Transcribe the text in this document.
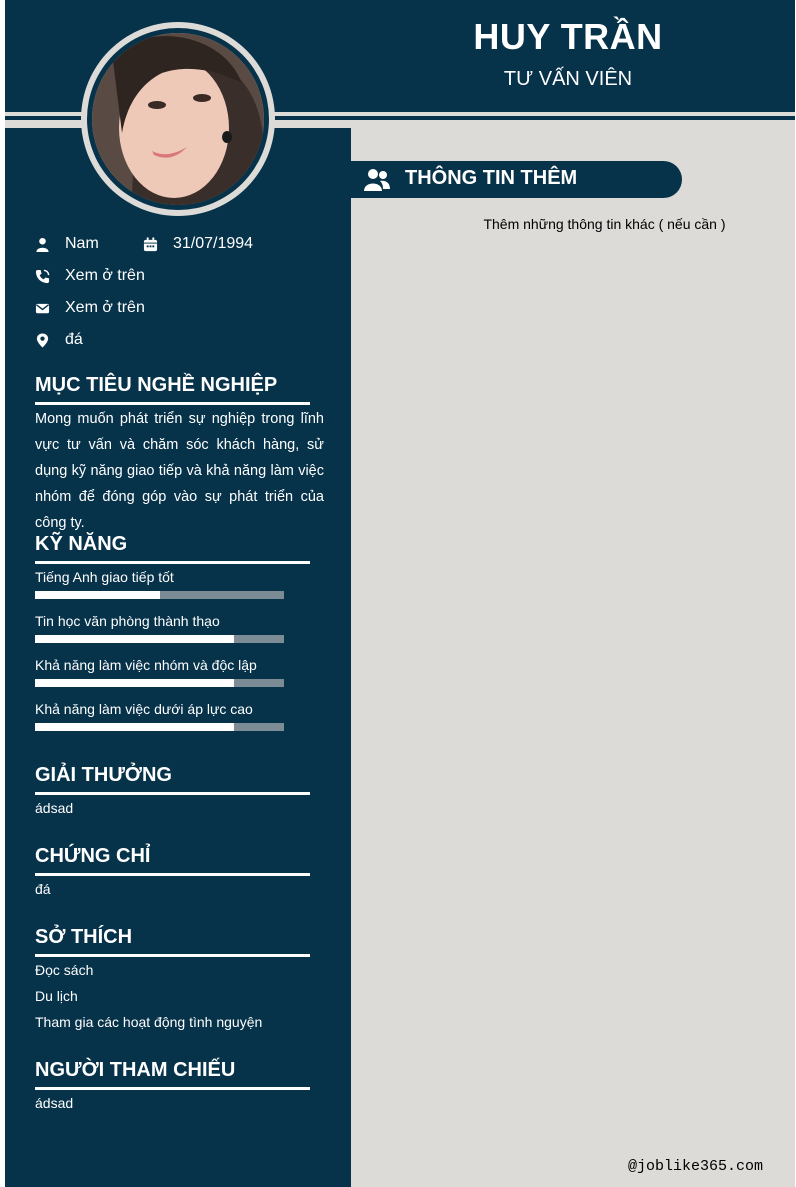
HUY TRẦN
TƯ VẤN VIÊN
Nam	31/07/1994
Xem ở trên
Xem ở trên
đá
MỤC TIÊU NGHỀ NGHIỆP
Mong muốn phát triển sự nghiệp trong lĩnh vực tư vấn và chăm sóc khách hàng, sử dụng kỹ năng giao tiếp và khả năng làm việc nhóm để đóng góp vào sự phát triển của công ty.
KỸ NĂNG
Tiếng Anh giao tiếp tốt
Tin học văn phòng thành thạo
Khả năng làm việc nhóm và độc lập
Khả năng làm việc dưới áp lực cao
GIẢI THƯỞNG
ádsad
CHỨNG CHỈ
đá
SỞ THÍCH
Đọc sách
Du lịch
Tham gia các hoạt động tình nguyện
NGƯỜI THAM CHIẾU
ádsad
THÔNG TIN THÊM
Thêm những thông tin khác ( nếu cần )
@joblike365.com
